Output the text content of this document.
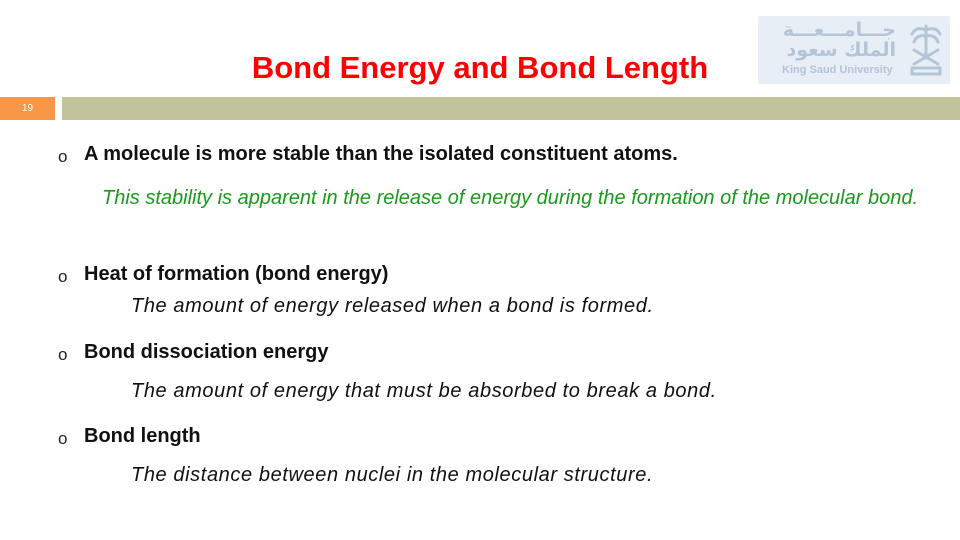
Bond Energy and Bond Length
جـــامـــعـــة
الملك سعود
King Saud University
19
o A molecule is more stable than the isolated constituent atoms.
This stability is apparent in the release of energy during the formation of the molecular bond.
o Heat of formation (bond energy)
The amount of energy released when a bond is formed.
o Bond dissociation energy
The amount of energy that must be absorbed to break a bond.
o Bond length
The distance between nuclei in the molecular structure.
